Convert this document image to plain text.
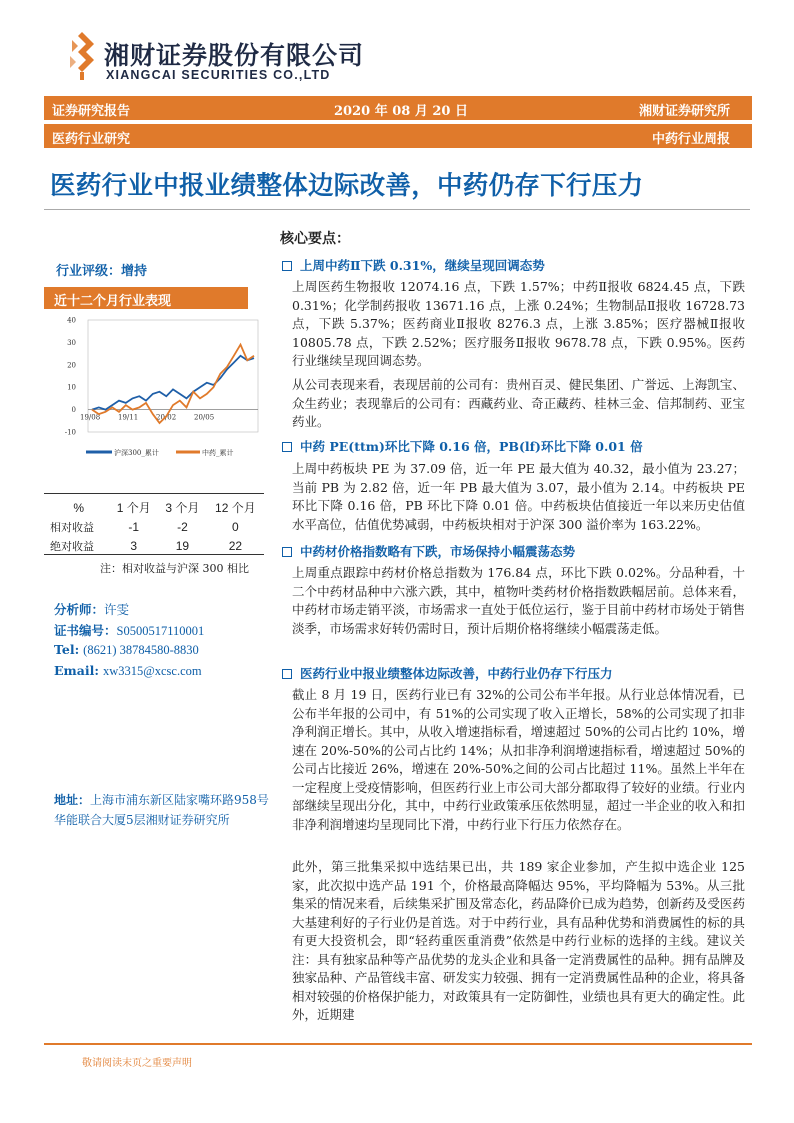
湘财证券股份有限公司
XIANGCAI SECURITIES CO.,LTD
证券研究报告	2020 年 08 月 20 日	湘财证券研究所
医药行业研究	中药行业周报
医药行业中报业绩整体边际改善，中药仍存下行压力
行业评级：增持
近十二个月行业表现
-10
0
10
20
30
40
19/08	19/11	20/02	20/05
沪深300_累计	中药_累计
%	1 个月	3 个月	12 个月
相对收益	-1	-2	0
绝对收益	3	19	22
注：相对收益与沪深 300 相比
分析师：许雯
证书编号：S0500517110001
Tel: (8621) 38784580-8830
Email: xw3315@xcsc.com
地址：上海市浦东新区陆家嘴环路958号华能联合大厦5层湘财证券研究所
核心要点：
上周中药Ⅱ下跌 0.31%，继续呈现回调态势
上周医药生物报收 12074.16 点，下跌 1.57%；中药Ⅱ报收 6824.45 点，下跌 0.31%；化学制药报收 13671.16 点，上涨 0.24%；生物制品Ⅱ报收 16728.73 点，下跌 5.37%；医药商业Ⅱ报收 8276.3 点，上涨 3.85%；医疗器械Ⅱ报收 10805.78 点，下跌 2.52%；医疗服务Ⅱ报收 9678.78 点，下跌 0.95%。医药行业继续呈现回调态势。
从公司表现来看，表现居前的公司有：贵州百灵、健民集团、广誉远、上海凯宝、众生药业；表现靠后的公司有：西藏药业、奇正藏药、桂林三金、信邦制药、亚宝药业。
中药 PE(ttm)环比下降 0.16 倍，PB(lf)环比下降 0.01 倍
上周中药板块 PE 为 37.09 倍，近一年 PE 最大值为 40.32，最小值为 23.27；当前 PB 为 2.82 倍，近一年 PB 最大值为 3.07，最小值为 2.14。中药板块 PE 环比下降 0.16 倍，PB 环比下降 0.01 倍。中药板块估值接近一年以来历史估值水平高位，估值优势减弱，中药板块相对于沪深 300 溢价率为 163.22%。
中药材价格指数略有下跌，市场保持小幅震荡态势
上周重点跟踪中药材价格总指数为 176.84 点，环比下跌 0.02%。分品种看，十二个中药材品种中六涨六跌，其中，植物叶类药材价格指数跌幅居前。总体来看，中药材市场走销平淡，市场需求一直处于低位运行，鉴于目前中药材市场处于销售淡季，市场需求好转仍需时日，预计后期价格将继续小幅震荡走低。
医药行业中报业绩整体边际改善，中药行业仍存下行压力
截止 8 月 19 日，医药行业已有 32%的公司公布半年报。从行业总体情况看，已公布半年报的公司中，有 51%的公司实现了收入正增长，58%的公司实现了扣非净利润正增长。其中，从收入增速指标看，增速超过 50%的公司占比约 10%，增速在 20%-50%的公司占比约 14%；从扣非净利润增速指标看，增速超过 50%的公司占比接近 26%，增速在 20%-50%之间的公司占比超过 11%。虽然上半年在一定程度上受疫情影响，但医药行业上市公司大部分都取得了较好的业绩。行业内部继续呈现出分化，其中，中药行业政策承压依然明显，超过一半企业的收入和扣非净利润增速均呈现同比下滑，中药行业下行压力依然存在。
此外，第三批集采拟中选结果已出，共 189 家企业参加，产生拟中选企业 125 家，此次拟中选产品 191 个，价格最高降幅达 95%，平均降幅为 53%。从三批集采的情况来看，后续集采扩围及常态化，药品降价已成为趋势，创新药及受医药大基建利好的子行业仍是首选。对于中药行业，具有品种优势和消费属性的标的具有更大投资机会，即“轻药重医重消费”依然是中药行业标的选择的主线。建议关注：具有独家品种等产品优势的龙头企业和具备一定消费属性的品种。拥有品牌及独家品种、产品管线丰富、研发实力较强、拥有一定消费属性品种的企业，将具备相对较强的价格保护能力，对政策具有一定防御性，业绩也具有更大的确定性。此外，近期建
敬请阅读末页之重要声明
